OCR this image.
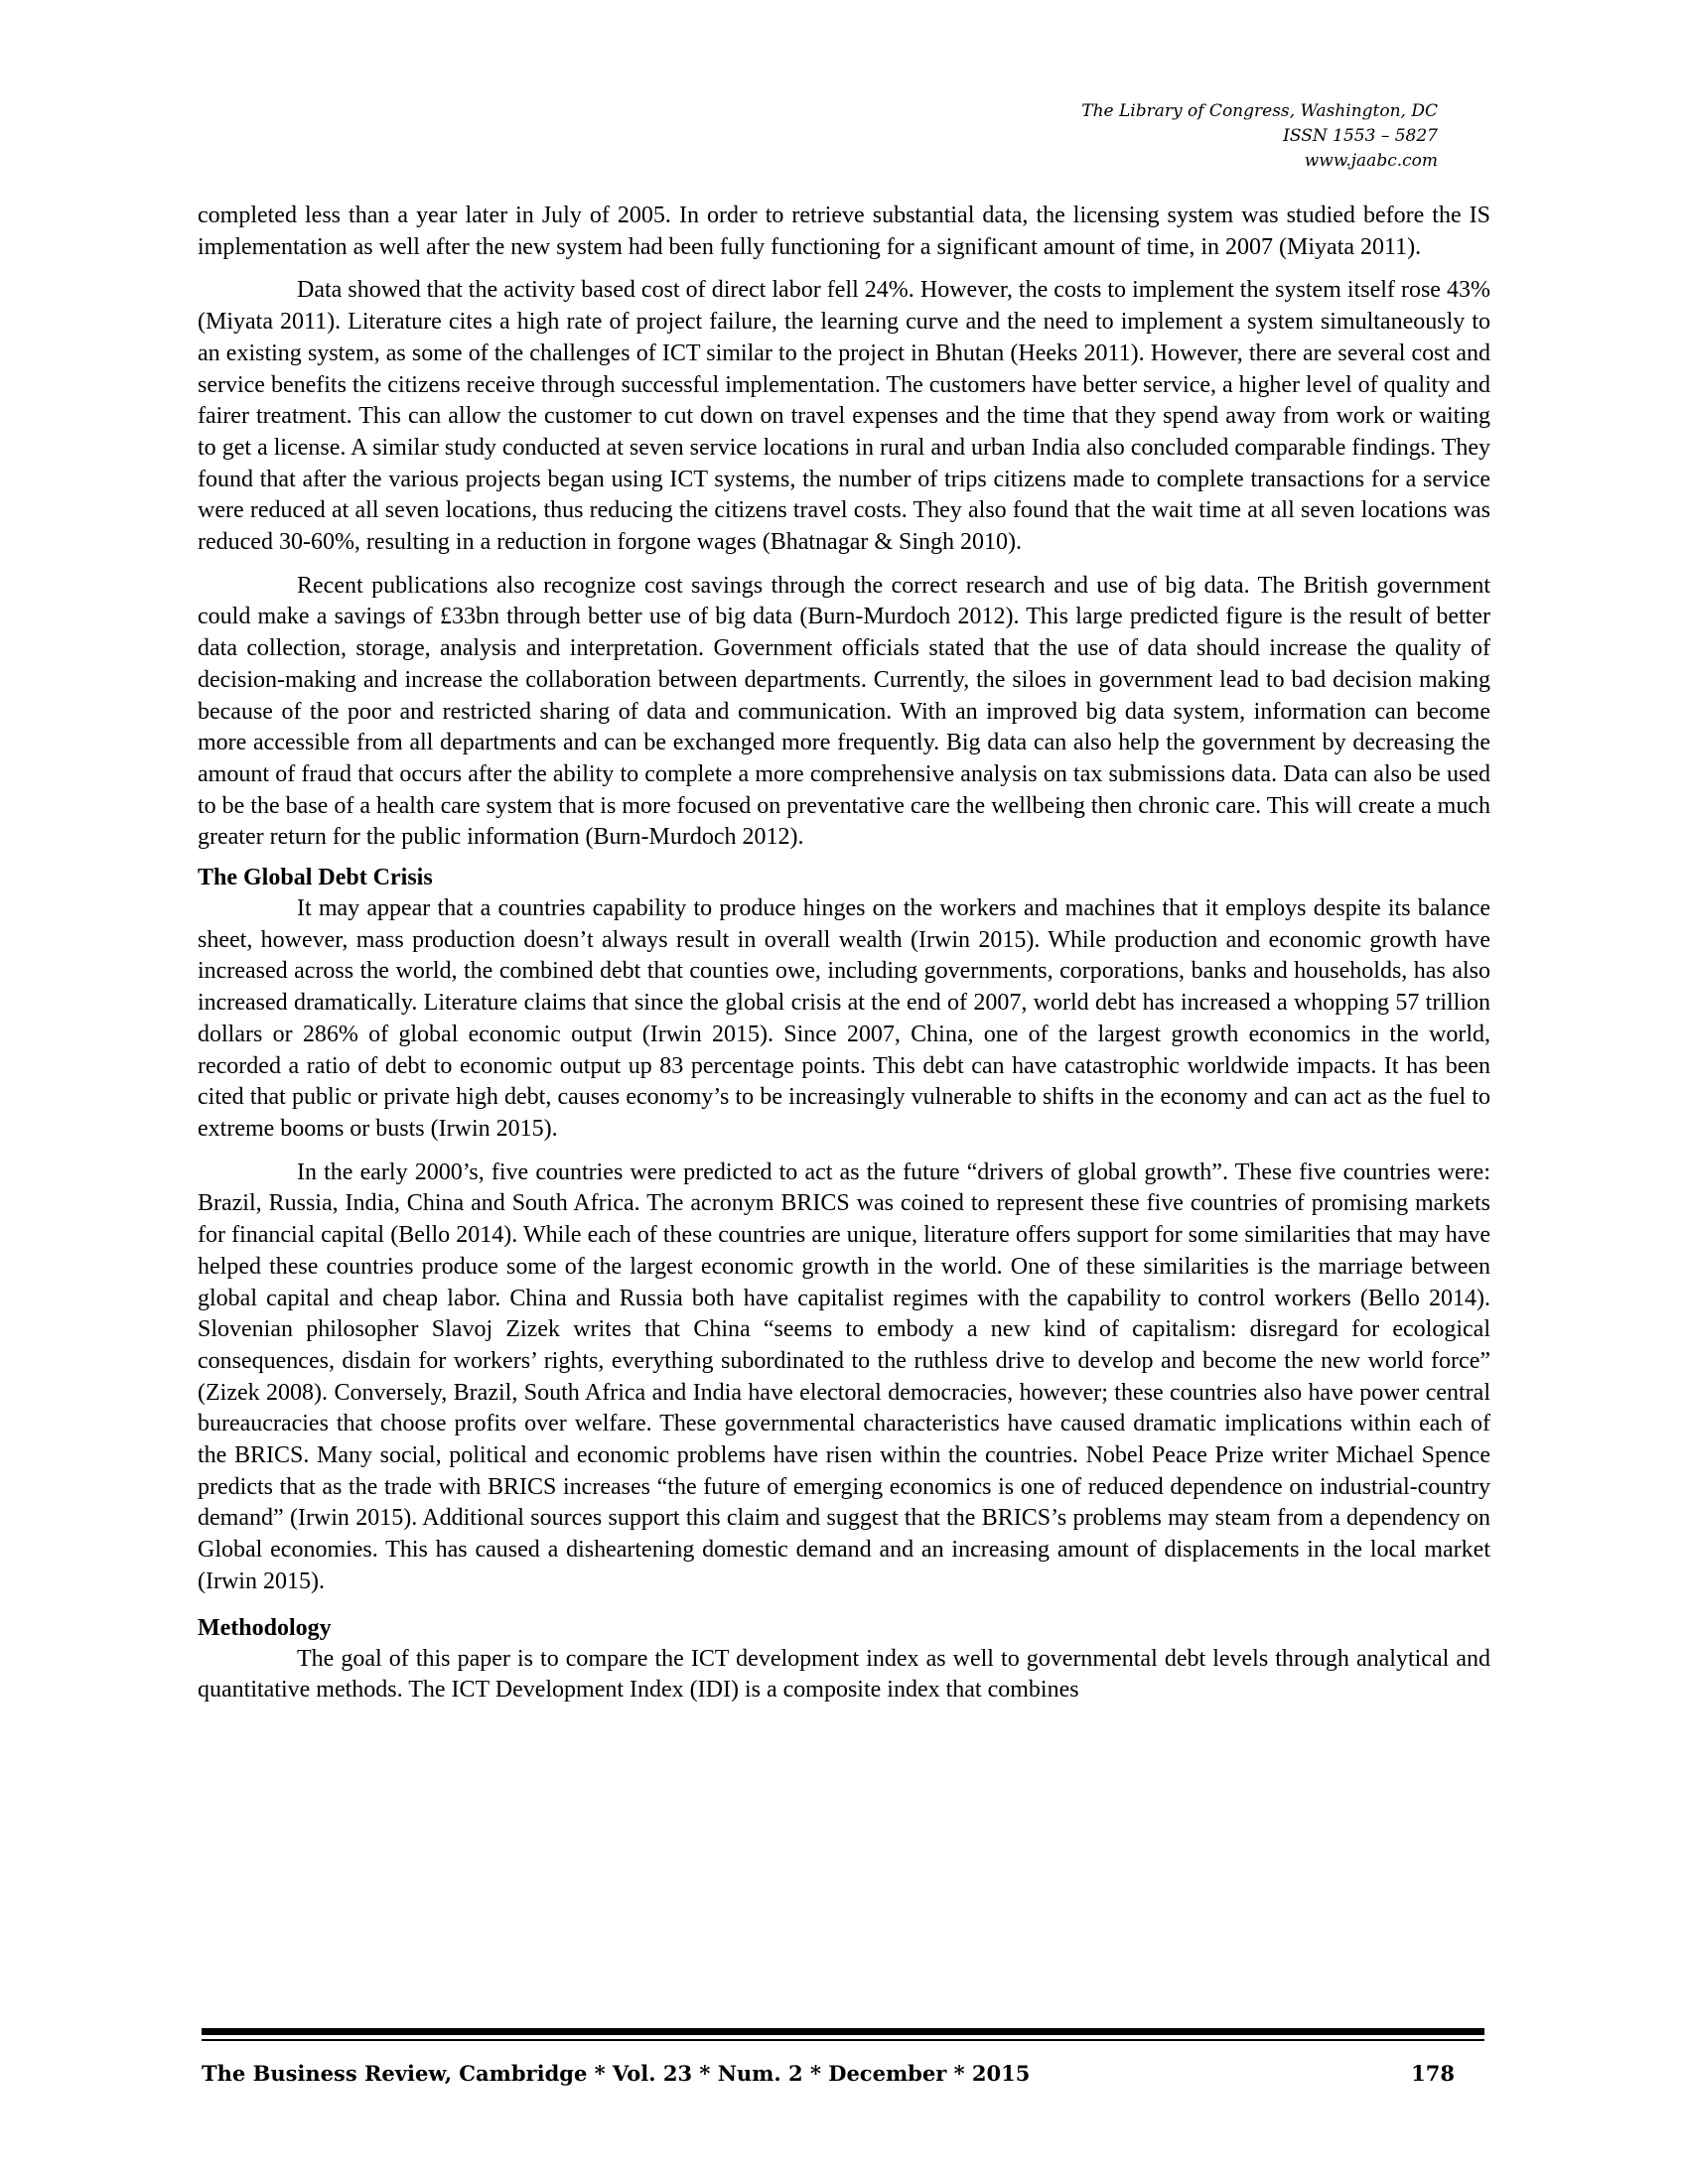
The Library of Congress, Washington, DC
ISSN 1553 – 5827
www.jaabc.com

completed less than a year later in July of 2005. In order to retrieve substantial data, the licensing system was studied before the IS implementation as well after the new system had been fully functioning for a significant amount of time, in 2007 (Miyata 2011).

Data showed that the activity based cost of direct labor fell 24%. However, the costs to implement the system itself rose 43% (Miyata 2011). Literature cites a high rate of project failure, the learning curve and the need to implement a system simultaneously to an existing system, as some of the challenges of ICT similar to the project in Bhutan (Heeks 2011). However, there are several cost and service benefits the citizens receive through successful implementation. The customers have better service, a higher level of quality and fairer treatment. This can allow the customer to cut down on travel expenses and the time that they spend away from work or waiting to get a license. A similar study conducted at seven service locations in rural and urban India also concluded comparable findings. They found that after the various projects began using ICT systems, the number of trips citizens made to complete transactions for a service were reduced at all seven locations, thus reducing the citizens travel costs. They also found that the wait time at all seven locations was reduced 30-60%, resulting in a reduction in forgone wages (Bhatnagar & Singh 2010).

Recent publications also recognize cost savings through the correct research and use of big data. The British government could make a savings of £33bn through better use of big data (Burn-Murdoch 2012). This large predicted figure is the result of better data collection, storage, analysis and interpretation. Government officials stated that the use of data should increase the quality of decision-making and increase the collaboration between departments. Currently, the siloes in government lead to bad decision making because of the poor and restricted sharing of data and communication. With an improved big data system, information can become more accessible from all departments and can be exchanged more frequently. Big data can also help the government by decreasing the amount of fraud that occurs after the ability to complete a more comprehensive analysis on tax submissions data. Data can also be used to be the base of a health care system that is more focused on preventative care the wellbeing then chronic care. This will create a much greater return for the public information (Burn-Murdoch 2012).

The Global Debt Crisis

It may appear that a countries capability to produce hinges on the workers and machines that it employs despite its balance sheet, however, mass production doesn’t always result in overall wealth (Irwin 2015). While production and economic growth have increased across the world, the combined debt that counties owe, including governments, corporations, banks and households, has also increased dramatically. Literature claims that since the global crisis at the end of 2007, world debt has increased a whopping 57 trillion dollars or 286% of global economic output (Irwin 2015). Since 2007, China, one of the largest growth economics in the world, recorded a ratio of debt to economic output up 83 percentage points. This debt can have catastrophic worldwide impacts. It has been cited that public or private high debt, causes economy’s to be increasingly vulnerable to shifts in the economy and can act as the fuel to extreme booms or busts (Irwin 2015).

In the early 2000’s, five countries were predicted to act as the future “drivers of global growth”. These five countries were: Brazil, Russia, India, China and South Africa. The acronym BRICS was coined to represent these five countries of promising markets for financial capital (Bello 2014). While each of these countries are unique, literature offers support for some similarities that may have helped these countries produce some of the largest economic growth in the world. One of these similarities is the marriage between global capital and cheap labor. China and Russia both have capitalist regimes with the capability to control workers (Bello 2014). Slovenian philosopher Slavoj Zizek writes that China “seems to embody a new kind of capitalism: disregard for ecological consequences, disdain for workers’ rights, everything subordinated to the ruthless drive to develop and become the new world force” (Zizek 2008). Conversely, Brazil, South Africa and India have electoral democracies, however; these countries also have power central bureaucracies that choose profits over welfare. These governmental characteristics have caused dramatic implications within each of the BRICS. Many social, political and economic problems have risen within the countries. Nobel Peace Prize writer Michael Spence predicts that as the trade with BRICS increases “the future of emerging economics is one of reduced dependence on industrial-country demand” (Irwin 2015). Additional sources support this claim and suggest that the BRICS’s problems may steam from a dependency on Global economies. This has caused a disheartening domestic demand and an increasing amount of displacements in the local market (Irwin 2015).

Methodology

The goal of this paper is to compare the ICT development index as well to governmental debt levels through analytical and quantitative methods. The ICT Development Index (IDI) is a composite index that combines

The Business Review, Cambridge * Vol. 23 * Num. 2 * December * 2015	178
